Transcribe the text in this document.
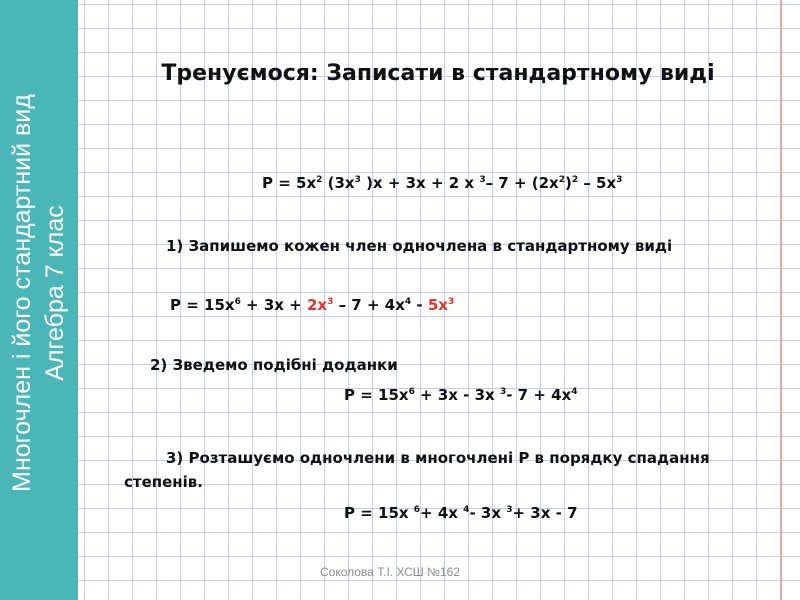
Многочлен і його стандартний вид Алгебра 7 клас
Тренуємося: Записати в стандартному виді
$Р = 5х^2$ ($3х^3$ )х + 3х + 2 х $^3$– $7 + (2х^2)^2 - 5х^3$
1) Запишемо кожен член одночлена в стандартному виді
$Р = 15х^6 + 3х + 2х^3 - 7 + 4х^4 - 5х^3$
2) Зведемо подібні доданки
$Р = 15х^6 + 3х - 3х$ $^3$- $7 + 4х^4$
3) Розташуємо одночлени в многочлені Р в порядку спадання степенів.
Р = 15х $^6$+ 4х $^4$- 3х $^3$+ 3х - 7
Соколова Т.І. ХСШ №162
